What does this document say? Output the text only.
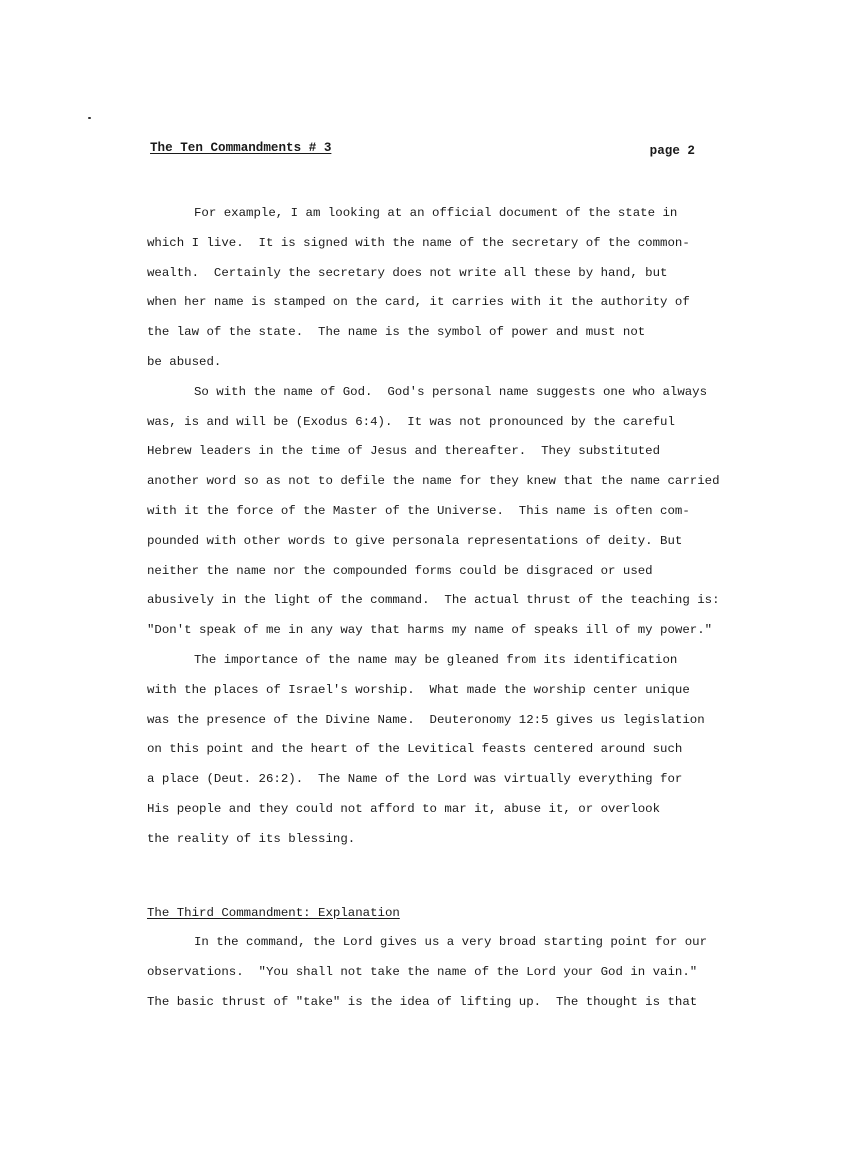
The Ten Commandments # 3	page 2
For example, I am looking at an official document of the state in
which I live.  It is signed with the name of the secretary of the common-
wealth.  Certainly the secretary does not write all these by hand, but
when her name is stamped on the card, it carries with it the authority of
the law of the state.  The name is the symbol of power and must not
be abused.
So with the name of God.  God's personal name suggests one who always
was, is and will be (Exodus 6:4).  It was not pronounced by the careful
Hebrew leaders in the time of Jesus and thereafter.  They substituted
another word so as not to defile the name for they knew that the name carried
with it the force of the Master of the Universe.  This name is often com-
pounded with other words to give personala representations of deity. But
neither the name nor the compounded forms could be disgraced or used
abusively in the light of the command.  The actual thrust of the teaching is:
"Don't speak of me in any way that harms my name of speaks ill of my power."
The importance of the name may be gleaned from its identification
with the places of Israel's worship.  What made the worship center unique
was the presence of the Divine Name.  Deuteronomy 12:5 gives us legislation
on this point and the heart of the Levitical feasts centered around such
a place (Deut. 26:2).  The Name of the Lord was virtually everything for
His people and they could not afford to mar it, abuse it, or overlook
the reality of its blessing.
The Third Commandment: Explanation
In the command, the Lord gives us a very broad starting point for our
observations.  "You shall not take the name of the Lord your God in vain."
The basic thrust of "take" is the idea of lifting up.  The thought is that
